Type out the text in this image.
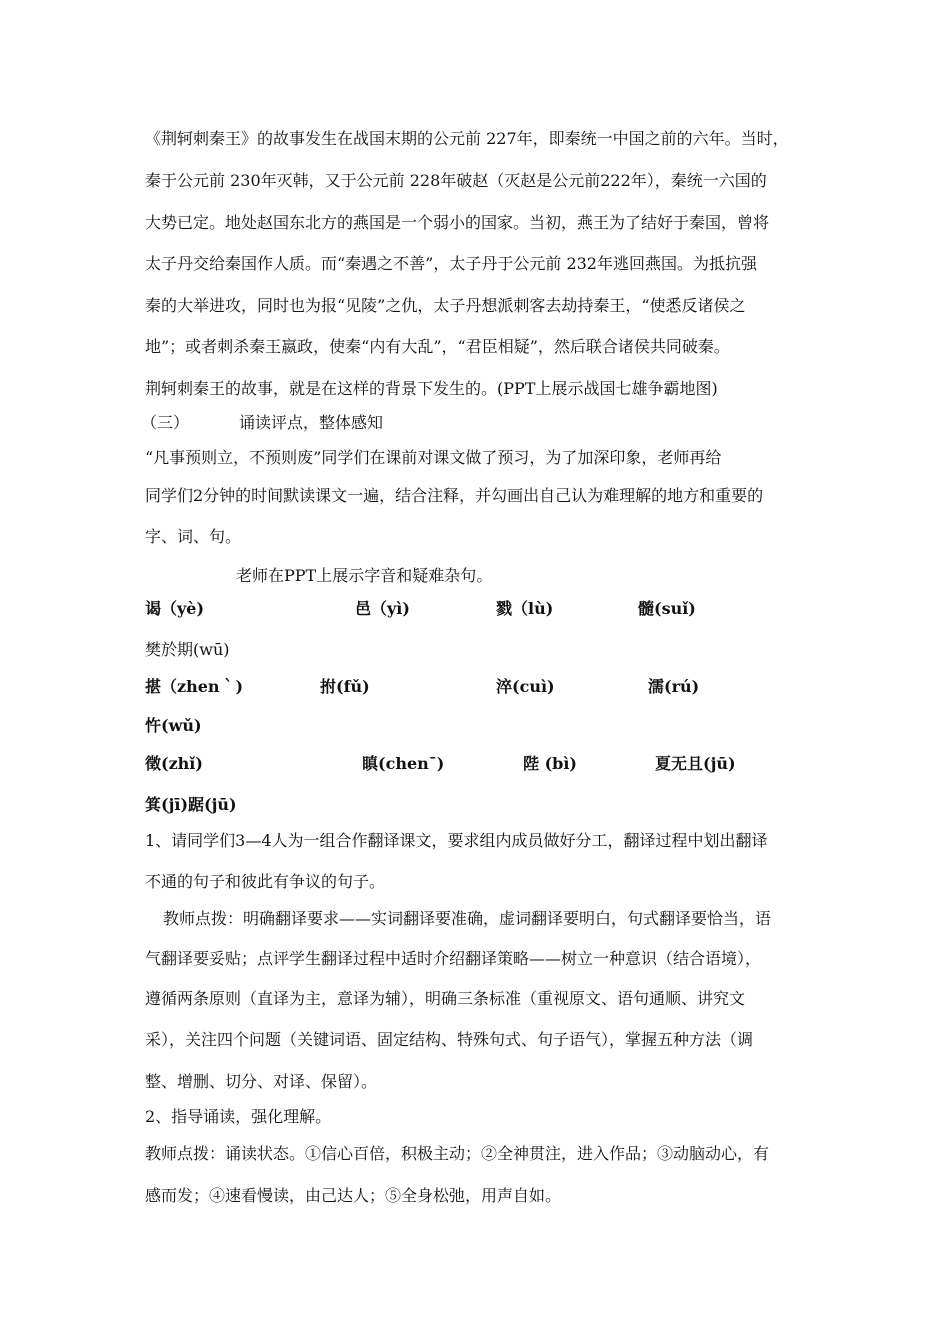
《荆轲刺秦王》的故事发生在战国末期的公元前 227年，即秦统一中国之前的六年。当时，
秦于公元前 230年灭韩，又于公元前 228年破赵（灭赵是公元前222年），秦统一六国的
大势已定。地处赵国东北方的燕国是一个弱小的国家。当初，燕王为了结好于秦国，曾将
太子丹交给秦国作人质。而“秦遇之不善”，太子丹于公元前 232年逃回燕国。为抵抗强
秦的大举进攻，同时也为报“见陵”之仇，太子丹想派刺客去劫持秦王，“使悉反诸侯之
地”；或者刺杀秦王嬴政，使秦“内有大乱”，“君臣相疑”，然后联合诸侯共同破秦。
荆轲刺秦王的故事，就是在这样的背景下发生的。(PPT上展示战国七雄争霸地图)
（三）	诵读评点，整体感知
“凡事预则立，不预则废”同学们在课前对课文做了预习，为了加深印象，老师再给
同学们2分钟的时间默读课文一遍，结合注释，并勾画出自己认为难理解的地方和重要的
字、词、句。
老师在PPT上展示字音和疑难杂句。
谒（yè)	邑（yì)	戮（lù)	髓(suǐ)
樊於期(wū)
揕（zhen｀)	拊(fǔ)	淬(cuì)	濡(rú)
忤(wǔ)
徵(zhǐ)	瞋(chen¯)	陛 (bì)	夏无且(jū)
箕(jī)踞(jū)
1、请同学们3—4人为一组合作翻译课文，要求组内成员做好分工，翻译过程中划出翻译
不通的句子和彼此有争议的句子。
教师点拨：明确翻译要求——实词翻译要准确，虚词翻译要明白，句式翻译要恰当，语
气翻译要妥贴；点评学生翻译过程中适时介绍翻译策略——树立一种意识（结合语境），
遵循两条原则（直译为主，意译为辅），明确三条标准（重视原文、语句通顺、讲究文
采），关注四个问题（关键词语、固定结构、特殊句式、句子语气），掌握五种方法（调
整、增删、切分、对译、保留）。
2、指导诵读，强化理解。
教师点拨：诵读状态。①信心百倍，积极主动；②全神贯注，进入作品；③动脑动心，有
感而发；④速看慢读，由己达人；⑤全身松弛，用声自如。
